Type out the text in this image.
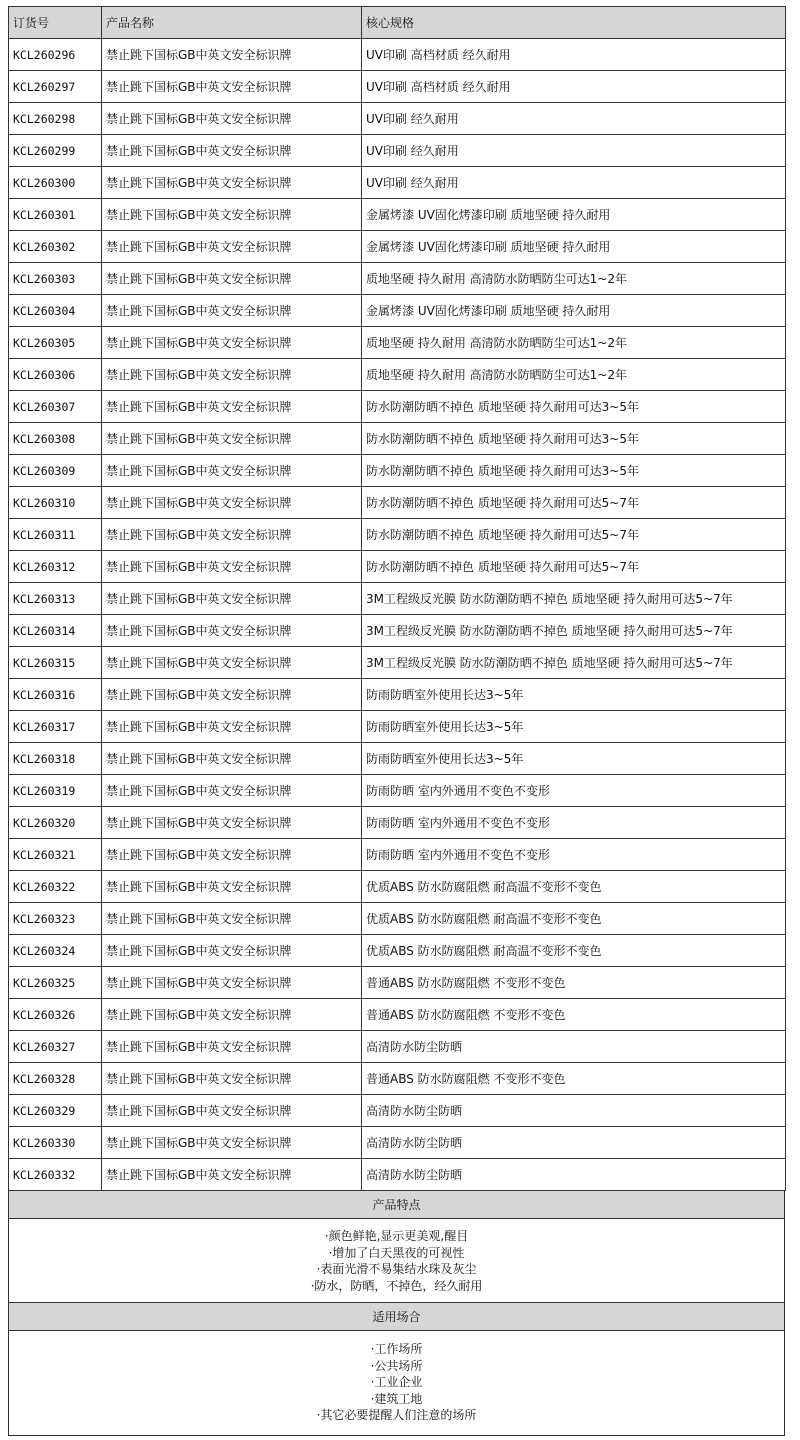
订货号	产品名称	核心规格
KCL260296	禁止跳下国标GB中英文安全标识牌	UV印刷 高档材质 经久耐用
KCL260297	禁止跳下国标GB中英文安全标识牌	UV印刷 高档材质 经久耐用
KCL260298	禁止跳下国标GB中英文安全标识牌	UV印刷 经久耐用
KCL260299	禁止跳下国标GB中英文安全标识牌	UV印刷 经久耐用
KCL260300	禁止跳下国标GB中英文安全标识牌	UV印刷 经久耐用
KCL260301	禁止跳下国标GB中英文安全标识牌	金属烤漆 UV固化烤漆印刷 质地坚硬 持久耐用
KCL260302	禁止跳下国标GB中英文安全标识牌	金属烤漆 UV固化烤漆印刷 质地坚硬 持久耐用
KCL260303	禁止跳下国标GB中英文安全标识牌	质地坚硬 持久耐用 高清防水防晒防尘可达1~2年
KCL260304	禁止跳下国标GB中英文安全标识牌	金属烤漆 UV固化烤漆印刷 质地坚硬 持久耐用
KCL260305	禁止跳下国标GB中英文安全标识牌	质地坚硬 持久耐用 高清防水防晒防尘可达1~2年
KCL260306	禁止跳下国标GB中英文安全标识牌	质地坚硬 持久耐用 高清防水防晒防尘可达1~2年
KCL260307	禁止跳下国标GB中英文安全标识牌	防水防潮防晒不掉色 质地坚硬 持久耐用可达3~5年
KCL260308	禁止跳下国标GB中英文安全标识牌	防水防潮防晒不掉色 质地坚硬 持久耐用可达3~5年
KCL260309	禁止跳下国标GB中英文安全标识牌	防水防潮防晒不掉色 质地坚硬 持久耐用可达3~5年
KCL260310	禁止跳下国标GB中英文安全标识牌	防水防潮防晒不掉色 质地坚硬 持久耐用可达5~7年
KCL260311	禁止跳下国标GB中英文安全标识牌	防水防潮防晒不掉色 质地坚硬 持久耐用可达5~7年
KCL260312	禁止跳下国标GB中英文安全标识牌	防水防潮防晒不掉色 质地坚硬 持久耐用可达5~7年
KCL260313	禁止跳下国标GB中英文安全标识牌	3M工程级反光膜 防水防潮防晒不掉色 质地坚硬 持久耐用可达5~7年
KCL260314	禁止跳下国标GB中英文安全标识牌	3M工程级反光膜 防水防潮防晒不掉色 质地坚硬 持久耐用可达5~7年
KCL260315	禁止跳下国标GB中英文安全标识牌	3M工程级反光膜 防水防潮防晒不掉色 质地坚硬 持久耐用可达5~7年
KCL260316	禁止跳下国标GB中英文安全标识牌	防雨防晒室外使用长达3~5年
KCL260317	禁止跳下国标GB中英文安全标识牌	防雨防晒室外使用长达3~5年
KCL260318	禁止跳下国标GB中英文安全标识牌	防雨防晒室外使用长达3~5年
KCL260319	禁止跳下国标GB中英文安全标识牌	防雨防晒 室内外通用不变色不变形
KCL260320	禁止跳下国标GB中英文安全标识牌	防雨防晒 室内外通用不变色不变形
KCL260321	禁止跳下国标GB中英文安全标识牌	防雨防晒 室内外通用不变色不变形
KCL260322	禁止跳下国标GB中英文安全标识牌	优质ABS 防水防腐阻燃 耐高温不变形不变色
KCL260323	禁止跳下国标GB中英文安全标识牌	优质ABS 防水防腐阻燃 耐高温不变形不变色
KCL260324	禁止跳下国标GB中英文安全标识牌	优质ABS 防水防腐阻燃 耐高温不变形不变色
KCL260325	禁止跳下国标GB中英文安全标识牌	普通ABS 防水防腐阻燃 不变形不变色
KCL260326	禁止跳下国标GB中英文安全标识牌	普通ABS 防水防腐阻燃 不变形不变色
KCL260327	禁止跳下国标GB中英文安全标识牌	高清防水防尘防晒
KCL260328	禁止跳下国标GB中英文安全标识牌	普通ABS 防水防腐阻燃 不变形不变色
KCL260329	禁止跳下国标GB中英文安全标识牌	高清防水防尘防晒
KCL260330	禁止跳下国标GB中英文安全标识牌	高清防水防尘防晒
KCL260332	禁止跳下国标GB中英文安全标识牌	高清防水防尘防晒
产品特点
·颜色鲜艳,显示更美观,醒目
·增加了白天黑夜的可视性
·表面光滑不易集结水珠及灰尘
·防水，防晒，不掉色，经久耐用
适用场合
·工作场所
·公共场所
·工业企业
·建筑工地
·其它必要提醒人们注意的场所
